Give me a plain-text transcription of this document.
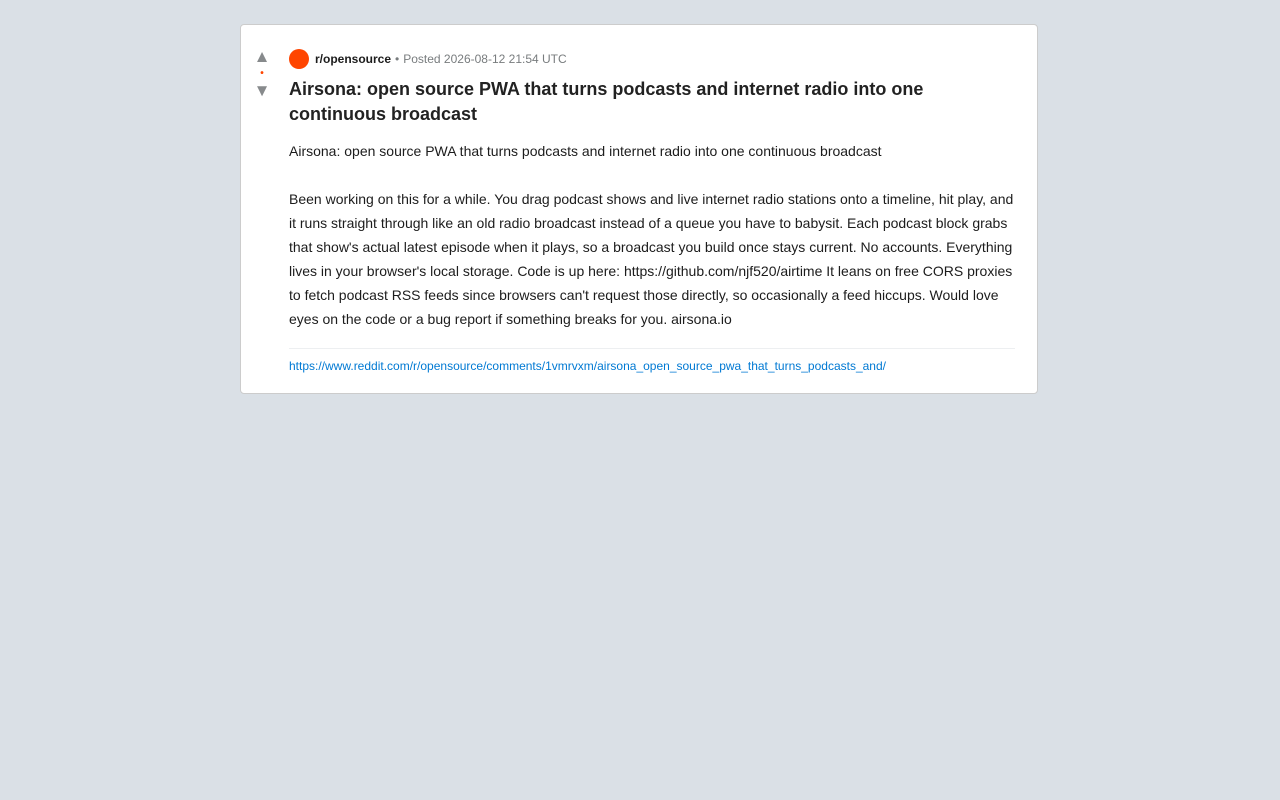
▲
•
▼
r/opensource • Posted 2026-08-12 21:54 UTC
Airsona: open source PWA that turns podcasts and internet radio into one continuous broadcast

Airsona: open source PWA that turns podcasts and internet radio into one continuous broadcast

Been working on this for a while. You drag podcast shows and live internet radio stations onto a timeline, hit play, and it runs straight through like an old radio broadcast instead of a queue you have to babysit. Each podcast block grabs that show's actual latest episode when it plays, so a broadcast you build once stays current. No accounts. Everything lives in your browser's local storage. Code is up here: https://github.com/njf520/airtime It leans on free CORS proxies to fetch podcast RSS feeds since browsers can't request those directly, so occasionally a feed hiccups. Would love eyes on the code or a bug report if something breaks for you. airsona.io

https://www.reddit.com/r/opensource/comments/1vmrvxm/airsona_open_source_pwa_that_turns_podcasts_and/
